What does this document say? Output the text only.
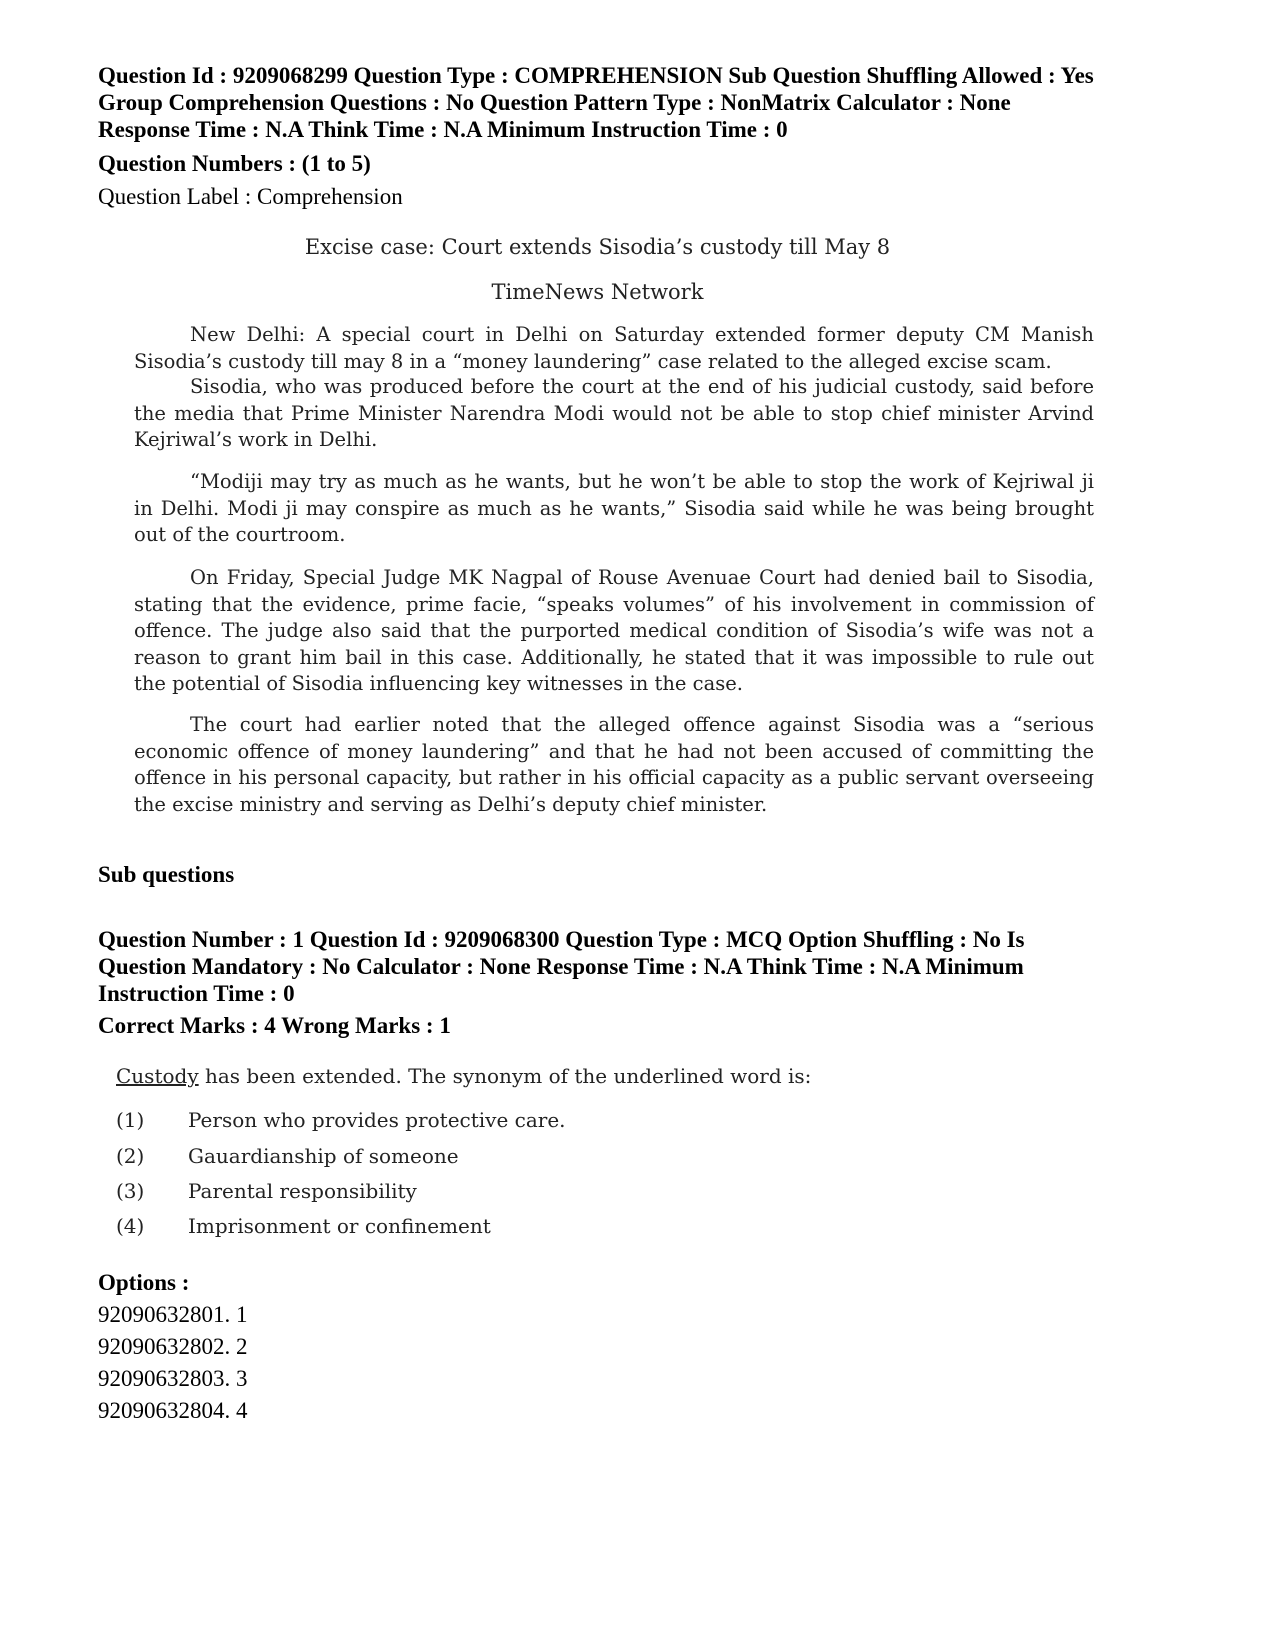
Question Id : 9209068299 Question Type : COMPREHENSION Sub Question Shuffling Allowed : Yes

Group Comprehension Questions : No Question Pattern Type : NonMatrix Calculator : None

Response Time : N.A Think Time : N.A Minimum Instruction Time : 0

Question Numbers : (1 to 5)

Question Label : Comprehension

Excise case: Court extends Sisodia’s custody till May 8

TimeNews Network

New Delhi: A special court in Delhi on Saturday extended former deputy CM Manish Sisodia’s custody till may 8 in a “money laundering” case related to the alleged excise scam.

Sisodia, who was produced before the court at the end of his judicial custody, said before the media that Prime Minister Narendra Modi would not be able to stop chief minister Arvind Kejriwal’s work in Delhi.

“Modiji may try as much as he wants, but he won’t be able to stop the work of Kejriwal ji in Delhi. Modi ji may conspire as much as he wants,” Sisodia said while he was being brought out of the courtroom.

On Friday, Special Judge MK Nagpal of Rouse Avenuae Court had denied bail to Sisodia, stating that the evidence, prime facie, “speaks volumes” of his involvement in commission of offence. The judge also said that the purported medical condition of Sisodia’s wife was not a reason to grant him bail in this case. Additionally, he stated that it was impossible to rule out the potential of Sisodia influencing key witnesses in the case.

The court had earlier noted that the alleged offence against Sisodia was a “serious economic offence of money laundering” and that he had not been accused of committing the offence in his personal capacity, but rather in his official capacity as a public servant overseeing the excise ministry and serving as Delhi’s deputy chief minister.

Sub questions

Question Number : 1 Question Id : 9209068300 Question Type : MCQ Option Shuffling : No Is

Question Mandatory : No Calculator : None Response Time : N.A Think Time : N.A Minimum

Instruction Time : 0

Correct Marks : 4 Wrong Marks : 1

Custody has been extended. The synonym of the underlined word is:

(1) Person who provides protective care.
(2) Gauardianship of someone
(3) Parental responsibility
(4) Imprisonment or confinement

Options :

92090632801. 1
92090632802. 2
92090632803. 3
92090632804. 4
